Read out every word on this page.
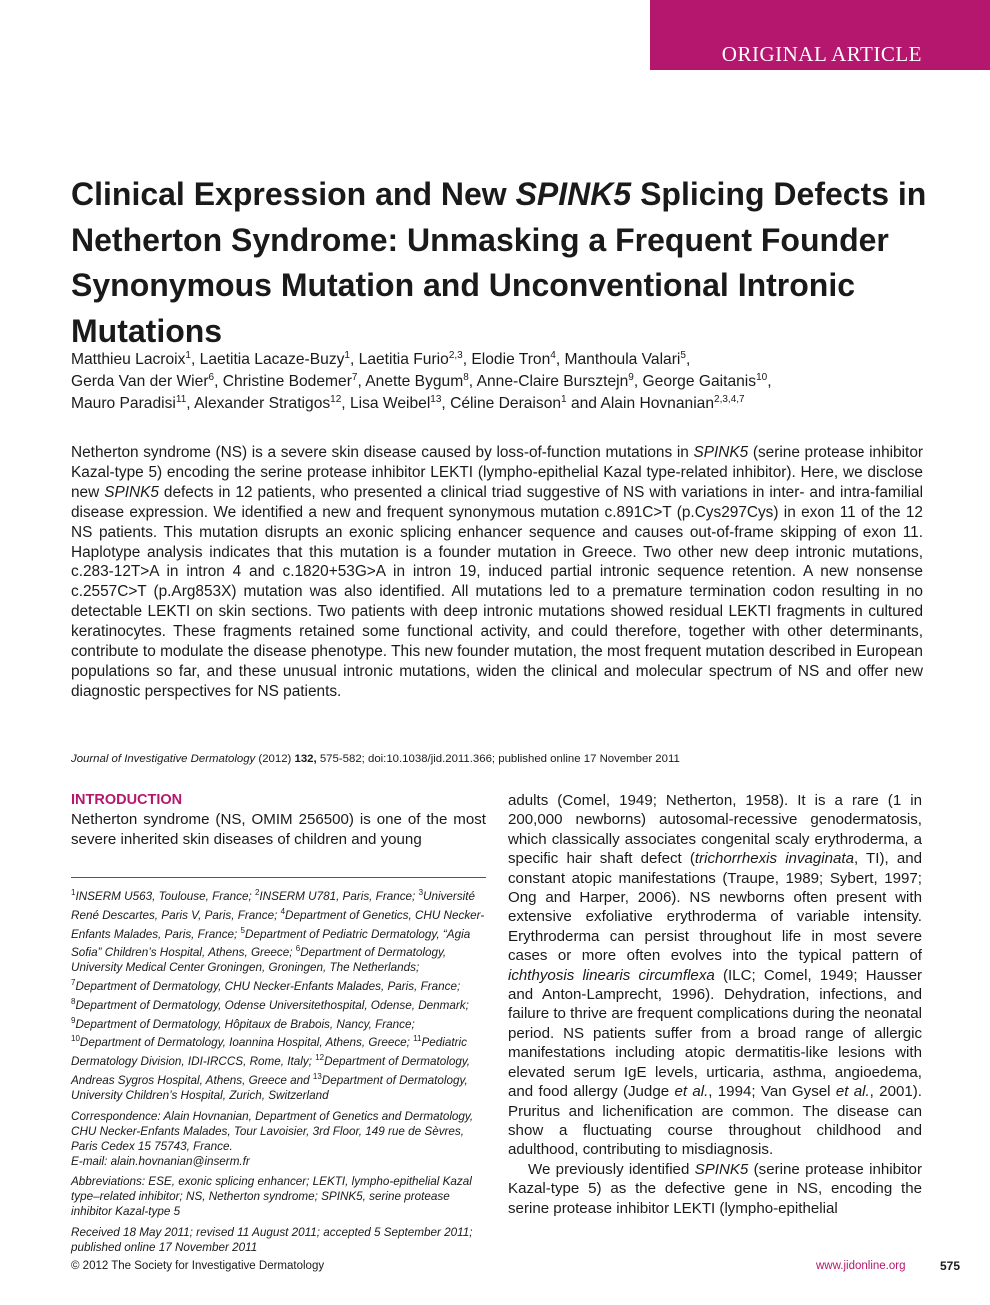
ORIGINAL ARTICLE
Clinical Expression and New SPINK5 Splicing Defects in Netherton Syndrome: Unmasking a Frequent Founder Synonymous Mutation and Unconventional Intronic Mutations
Matthieu Lacroix$^1$, Laetitia Lacaze-Buzy$^1$, Laetitia Furio$^{2,3}$, Elodie Tron$^4$, Manthoula Valari$^5$,
Gerda Van der Wier$^6$, Christine Bodemer$^7$, Anette Bygum$^8$, Anne-Claire Bursztejn$^9$, George Gaitanis$^{10}$,
Mauro Paradisi$^{11}$, Alexander Stratigos$^{12}$, Lisa Weibel$^{13}$, Céline Deraison$^1$ and Alain Hovnanian$^{2,3,4,7}$
Netherton syndrome (NS) is a severe skin disease caused by loss-of-function mutations in SPINK5 (serine protease inhibitor Kazal-type 5) encoding the serine protease inhibitor LEKTI (lympho-epithelial Kazal type-related inhibitor). Here, we disclose new SPINK5 defects in 12 patients, who presented a clinical triad suggestive of NS with variations in inter- and intra-familial disease expression. We identified a new and frequent synonymous mutation c.891C>T (p.Cys297Cys) in exon 11 of the 12 NS patients. This mutation disrupts an exonic splicing enhancer sequence and causes out-of-frame skipping of exon 11. Haplotype analysis indicates that this mutation is a founder mutation in Greece. Two other new deep intronic mutations, c.283-12T>A in intron 4 and c.1820+53G>A in intron 19, induced partial intronic sequence retention. A new nonsense c.2557C>T (p.Arg853X) mutation was also identified. All mutations led to a premature termination codon resulting in no detectable LEKTI on skin sections. Two patients with deep intronic mutations showed residual LEKTI fragments in cultured keratinocytes. These fragments retained some functional activity, and could therefore, together with other determinants, contribute to modulate the disease phenotype. This new founder mutation, the most frequent mutation described in European populations so far, and these unusual intronic mutations, widen the clinical and molecular spectrum of NS and offer new diagnostic perspectives for NS patients.
Journal of Investigative Dermatology (2012) 132, 575-582; doi:10.1038/jid.2011.366; published online 17 November 2011
INTRODUCTION

Netherton syndrome (NS, OMIM 256500) is one of the most severe inherited skin diseases of children and young

$^1$INSERM U563, Toulouse, France; $^2$INSERM U781, Paris, France; $^3$Université René Descartes, Paris V, Paris, France; $^4$Department of Genetics, CHU Necker-Enfants Malades, Paris, France; $^5$Department of Pediatric Dermatology, “Agia Sofia” Children’s Hospital, Athens, Greece; $^6$Department of Dermatology, University Medical Center Groningen, Groningen, The Netherlands; $^7$Department of Dermatology, CHU Necker-Enfants Malades, Paris, France; $^8$Department of Dermatology, Odense Universitethospital, Odense, Denmark; $^9$Department of Dermatology, Hôpitaux de Brabois, Nancy, France; $^{10}$Department of Dermatology, Ioannina Hospital, Athens, Greece; $^{11}$Pediatric Dermatology Division, IDI-IRCCS, Rome, Italy; $^{12}$Department of Dermatology, Andreas Sygros Hospital, Athens, Greece and $^{13}$Department of Dermatology, University Children’s Hospital, Zurich, Switzerland

Correspondence: Alain Hovnanian, Department of Genetics and Dermatology, CHU Necker-Enfants Malades, Tour Lavoisier, 3rd Floor, 149 rue de Sèvres, Paris Cedex 15 75743, France.
E-mail: alain.hovnanian@inserm.fr

Abbreviations: ESE, exonic splicing enhancer; LEKTI, lympho-epithelial Kazal type–related inhibitor; NS, Netherton syndrome; SPINK5, serine protease inhibitor Kazal-type 5

Received 18 May 2011; revised 11 August 2011; accepted 5 September 2011; published online 17 November 2011

adults (Comel, 1949; Netherton, 1958). It is a rare (1 in 200,000 newborns) autosomal-recessive genodermatosis, which classically associates congenital scaly erythroderma, a specific hair shaft defect (trichorrhexis invaginata, TI), and constant atopic manifestations (Traupe, 1989; Sybert, 1997; Ong and Harper, 2006). NS newborns often present with extensive exfoliative erythroderma of variable intensity. Erythroderma can persist throughout life in most severe cases or more often evolves into the typical pattern of ichthyosis linearis circumflexa (ILC; Comel, 1949; Hausser and Anton-Lamprecht, 1996). Dehydration, infections, and failure to thrive are frequent complications during the neonatal period. NS patients suffer from a broad range of allergic manifestations including atopic dermatitis-like lesions with elevated serum IgE levels, urticaria, asthma, angioedema, and food allergy (Judge et al., 1994; Van Gysel et al., 2001). Pruritus and lichenification are common. The disease can show a fluctuating course throughout childhood and adulthood, contributing to misdiagnosis.

We previously identified SPINK5 (serine protease inhibitor Kazal-type 5) as the defective gene in NS, encoding the serine protease inhibitor LEKTI (lympho-epithelial

© 2012 The Society for Investigative Dermatology	www.jidonline.org	575
